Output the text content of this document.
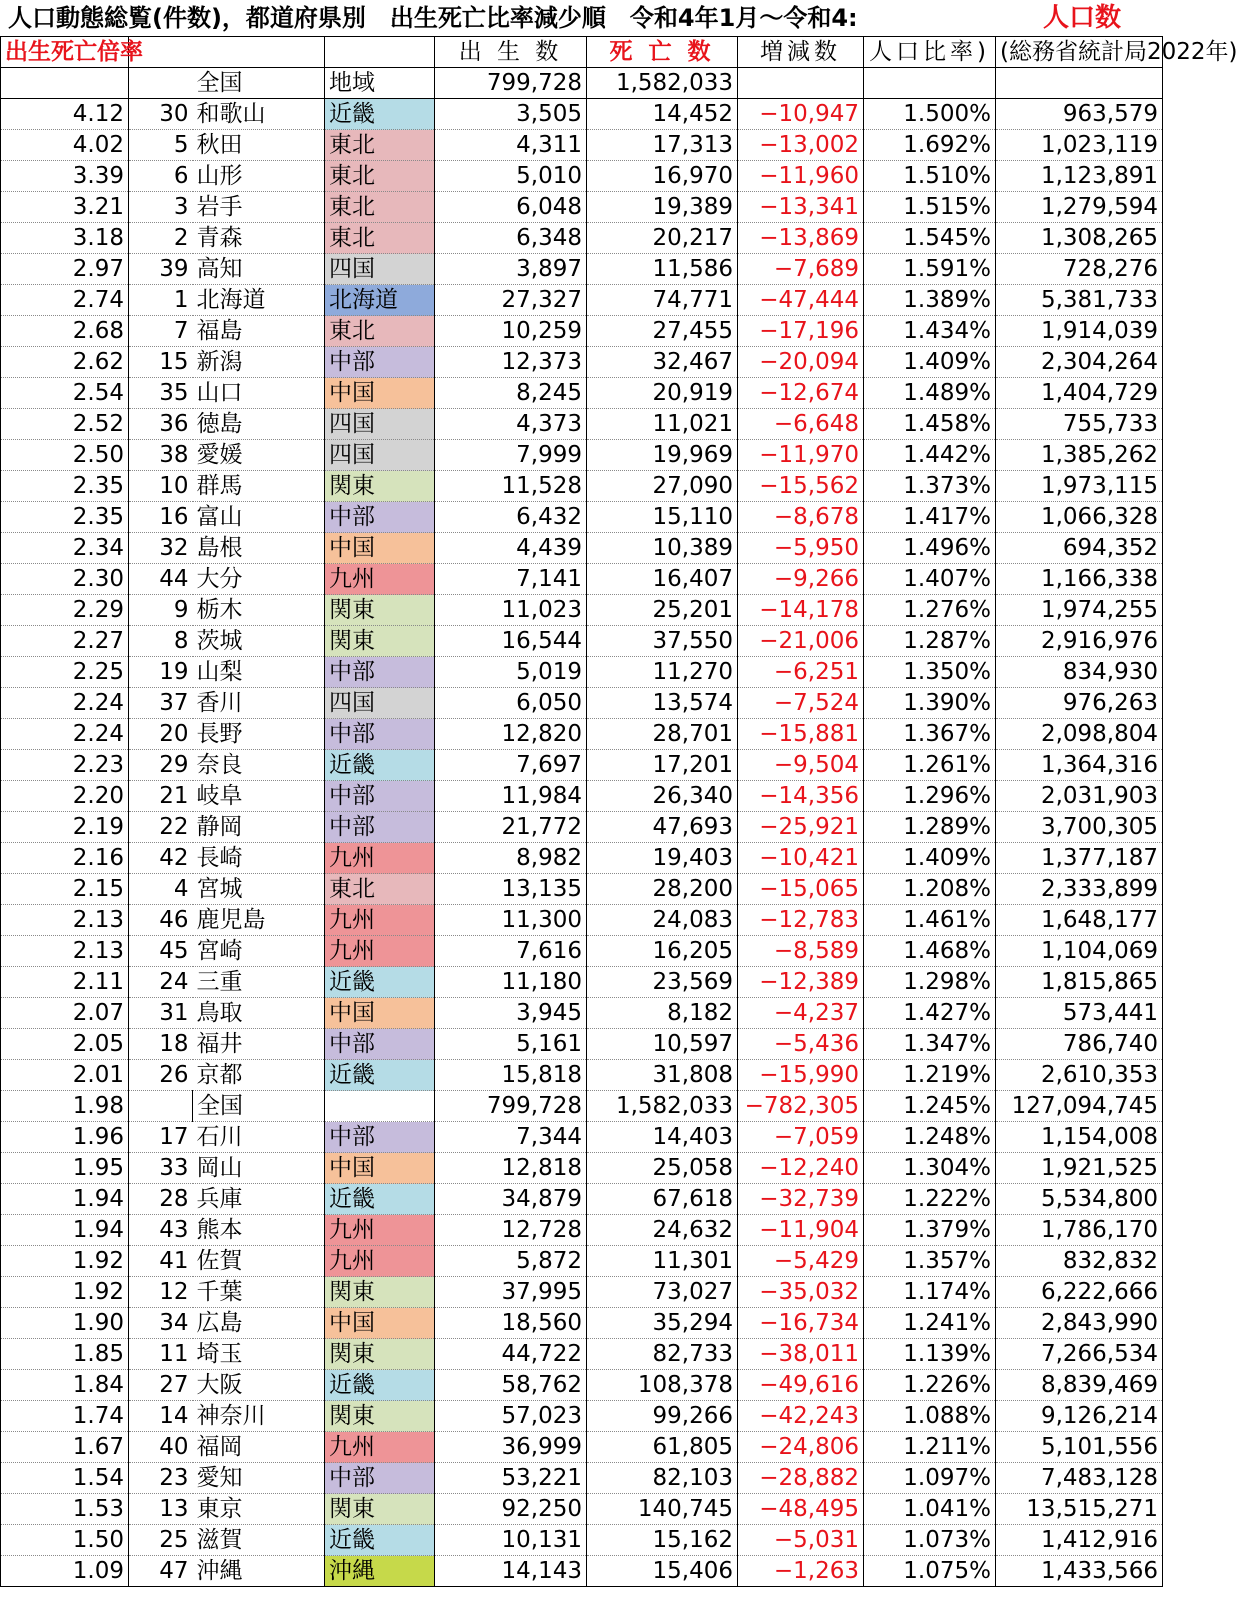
人口動態総覧(件数)，都道府県別　出生死亡比率減少順　令和4年1月～令和4:	人口数
出生死亡倍率				出 生 数	死 亡 数	増減数	人口比率)	(総務省統計局2022年)
		全国	地域	799,728	1,582,033			
4.12	30	和歌山	近畿	3,505	14,452	−10,947	1.500%	963,579
4.02	5	秋田	東北	4,311	17,313	−13,002	1.692%	1,023,119
3.39	6	山形	東北	5,010	16,970	−11,960	1.510%	1,123,891
3.21	3	岩手	東北	6,048	19,389	−13,341	1.515%	1,279,594
3.18	2	青森	東北	6,348	20,217	−13,869	1.545%	1,308,265
2.97	39	高知	四国	3,897	11,586	−7,689	1.591%	728,276
2.74	1	北海道	北海道	27,327	74,771	−47,444	1.389%	5,381,733
2.68	7	福島	東北	10,259	27,455	−17,196	1.434%	1,914,039
2.62	15	新潟	中部	12,373	32,467	−20,094	1.409%	2,304,264
2.54	35	山口	中国	8,245	20,919	−12,674	1.489%	1,404,729
2.52	36	徳島	四国	4,373	11,021	−6,648	1.458%	755,733
2.50	38	愛媛	四国	7,999	19,969	−11,970	1.442%	1,385,262
2.35	10	群馬	関東	11,528	27,090	−15,562	1.373%	1,973,115
2.35	16	富山	中部	6,432	15,110	−8,678	1.417%	1,066,328
2.34	32	島根	中国	4,439	10,389	−5,950	1.496%	694,352
2.30	44	大分	九州	7,141	16,407	−9,266	1.407%	1,166,338
2.29	9	栃木	関東	11,023	25,201	−14,178	1.276%	1,974,255
2.27	8	茨城	関東	16,544	37,550	−21,006	1.287%	2,916,976
2.25	19	山梨	中部	5,019	11,270	−6,251	1.350%	834,930
2.24	37	香川	四国	6,050	13,574	−7,524	1.390%	976,263
2.24	20	長野	中部	12,820	28,701	−15,881	1.367%	2,098,804
2.23	29	奈良	近畿	7,697	17,201	−9,504	1.261%	1,364,316
2.20	21	岐阜	中部	11,984	26,340	−14,356	1.296%	2,031,903
2.19	22	静岡	中部	21,772	47,693	−25,921	1.289%	3,700,305
2.16	42	長崎	九州	8,982	19,403	−10,421	1.409%	1,377,187
2.15	4	宮城	東北	13,135	28,200	−15,065	1.208%	2,333,899
2.13	46	鹿児島	九州	11,300	24,083	−12,783	1.461%	1,648,177
2.13	45	宮崎	九州	7,616	16,205	−8,589	1.468%	1,104,069
2.11	24	三重	近畿	11,180	23,569	−12,389	1.298%	1,815,865
2.07	31	鳥取	中国	3,945	8,182	−4,237	1.427%	573,441
2.05	18	福井	中部	5,161	10,597	−5,436	1.347%	786,740
2.01	26	京都	近畿	15,818	31,808	−15,990	1.219%	2,610,353
1.98		全国		799,728	1,582,033	−782,305	1.245%	127,094,745
1.96	17	石川	中部	7,344	14,403	−7,059	1.248%	1,154,008
1.95	33	岡山	中国	12,818	25,058	−12,240	1.304%	1,921,525
1.94	28	兵庫	近畿	34,879	67,618	−32,739	1.222%	5,534,800
1.94	43	熊本	九州	12,728	24,632	−11,904	1.379%	1,786,170
1.92	41	佐賀	九州	5,872	11,301	−5,429	1.357%	832,832
1.92	12	千葉	関東	37,995	73,027	−35,032	1.174%	6,222,666
1.90	34	広島	中国	18,560	35,294	−16,734	1.241%	2,843,990
1.85	11	埼玉	関東	44,722	82,733	−38,011	1.139%	7,266,534
1.84	27	大阪	近畿	58,762	108,378	−49,616	1.226%	8,839,469
1.74	14	神奈川	関東	57,023	99,266	−42,243	1.088%	9,126,214
1.67	40	福岡	九州	36,999	61,805	−24,806	1.211%	5,101,556
1.54	23	愛知	中部	53,221	82,103	−28,882	1.097%	7,483,128
1.53	13	東京	関東	92,250	140,745	−48,495	1.041%	13,515,271
1.50	25	滋賀	近畿	10,131	15,162	−5,031	1.073%	1,412,916
1.09	47	沖縄	沖縄	14,143	15,406	−1,263	1.075%	1,433,566
